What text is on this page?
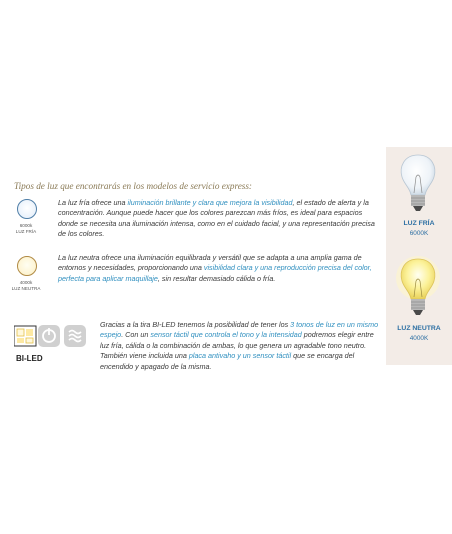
Tipos de luz que encontrarás en los modelos de servicio express:
6000k
LUZ FRÍA
La luz fría ofrece una iluminación brillante y clara que mejora la visibilidad, el estado de alerta y la concentración. Aunque puede hacer que los colores parezcan más fríos, es ideal para espacios donde se necesita una iluminación intensa, como en el cuidado facial, y una representación precisa de los colores.
4000k
LUZ NEUTRA
La luz neutra ofrece una iluminación equilibrada y versátil que se adapta a una amplia gama de entornos y necesidades, proporcionando una visibilidad clara y una reproducción precisa del color, perfecta para aplicar maquillaje, sin resultar demasiado cálida o fría.
BI-LED
Gracias a la tira BI-LED tenemos la posibilidad de tener los 3 tonos de luz en un mismo espejo. Con un sensor táctil que controla el tono y la intensidad podremos elegir entre luz fría, cálida o la combinación de ambas, lo que genera un agradable tono neutro. También viene incluida una placa antivaho y un sensor táctil que se encarga del encendido y apagado de la misma.
LUZ FRÍA
6000K
LUZ NEUTRA
4000K
